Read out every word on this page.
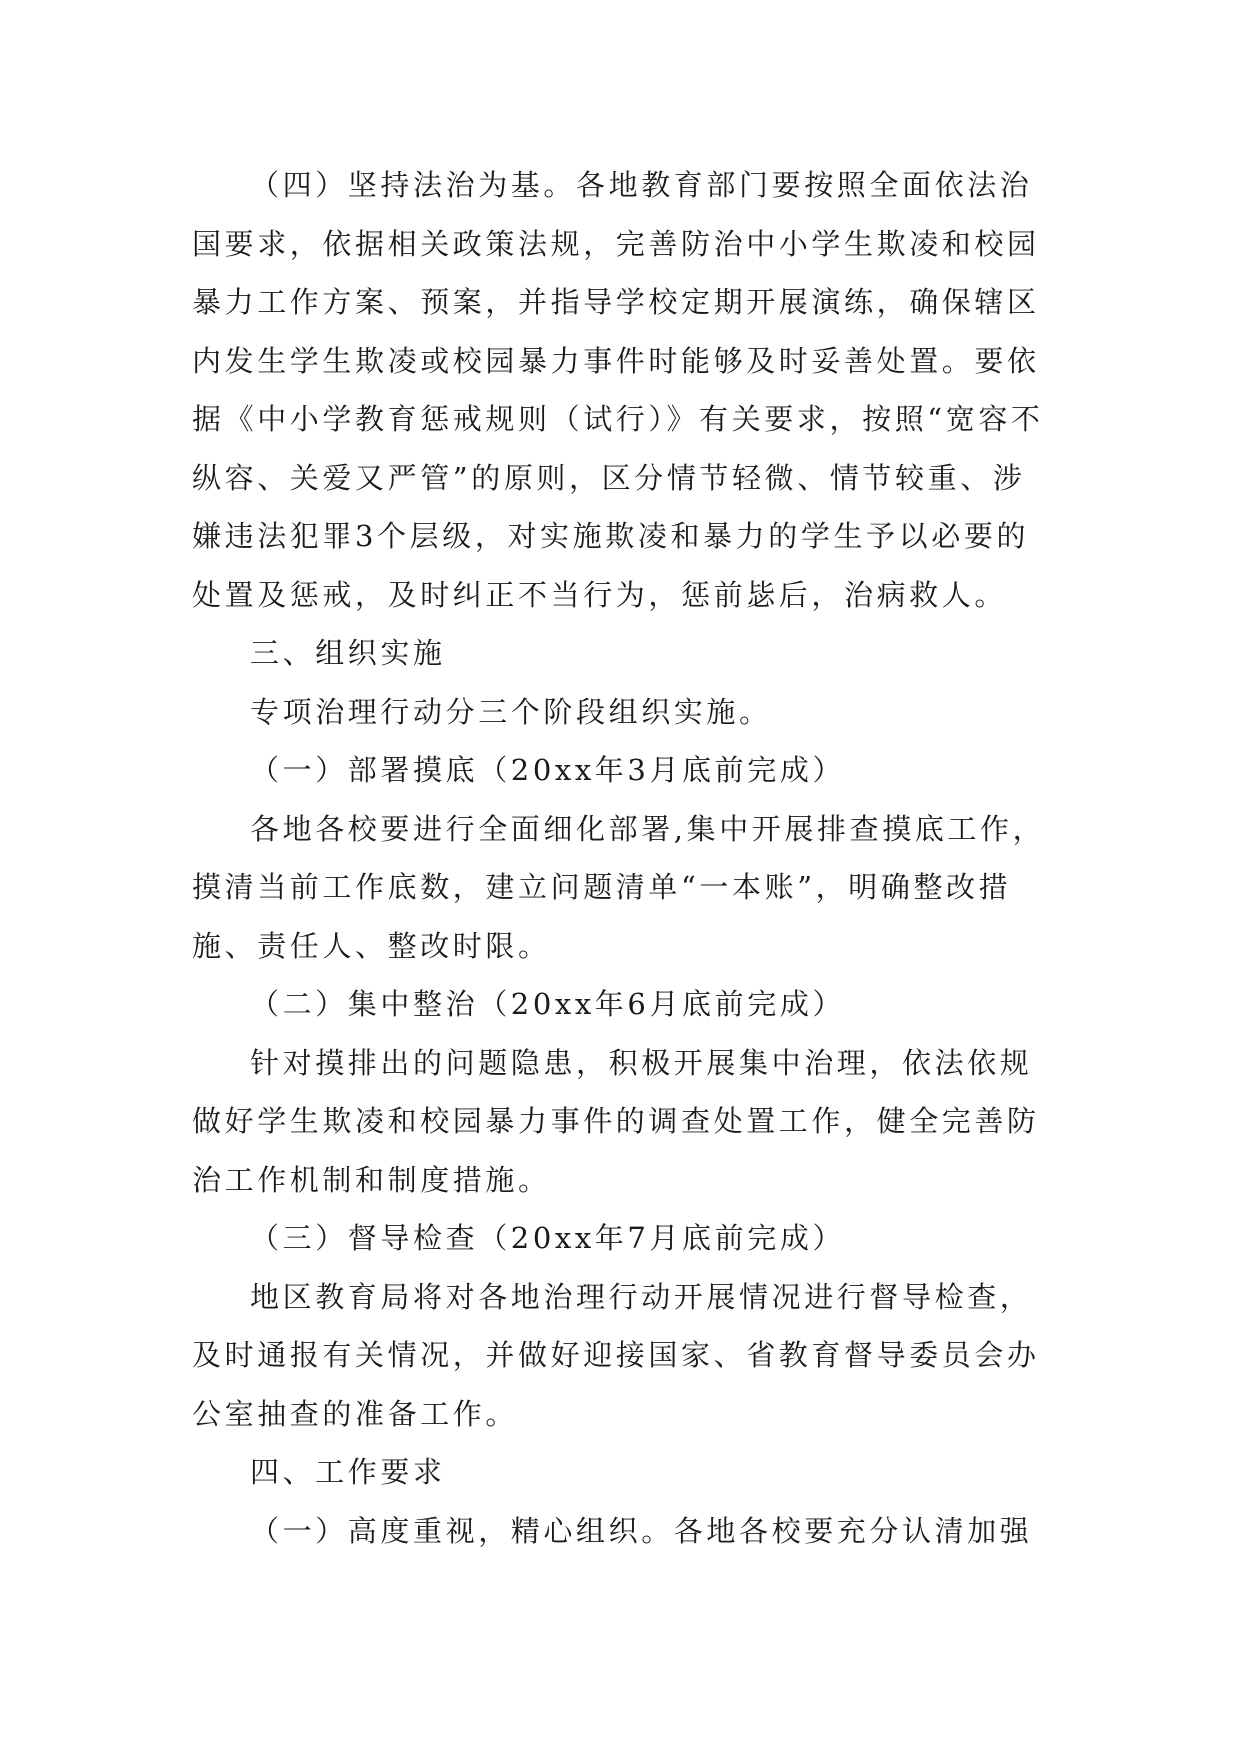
（四）坚持法治为基。各地教育部门要按照全面依法治国要求，依据相关政策法规，完善防治中小学生欺凌和校园暴力工作方案、预案，并指导学校定期开展演练，确保辖区内发生学生欺凌或校园暴力事件时能够及时妥善处置。要依据《中小学教育惩戒规则（试行）》有关要求，按照“宽容不纵容、关爱又严管”的原则，区分情节轻微、情节较重、涉嫌违法犯罪3个层级，对实施欺凌和暴力的学生予以必要的处置及惩戒，及时纠正不当行为，惩前毖后，治病救人。

三、组织实施

专项治理行动分三个阶段组织实施。

（一）部署摸底（20xx年3月底前完成）

各地各校要进行全面细化部署,集中开展排查摸底工作，摸清当前工作底数，建立问题清单“一本账”，明确整改措施、责任人、整改时限。

（二）集中整治（20xx年6月底前完成）

针对摸排出的问题隐患，积极开展集中治理，依法依规做好学生欺凌和校园暴力事件的调查处置工作，健全完善防治工作机制和制度措施。

（三）督导检查（20xx年7月底前完成）

地区教育局将对各地治理行动开展情况进行督导检查，及时通报有关情况，并做好迎接国家、省教育督导委员会办公室抽查的准备工作。

四、工作要求

（一）高度重视，精心组织。各地各校要充分认清加强
